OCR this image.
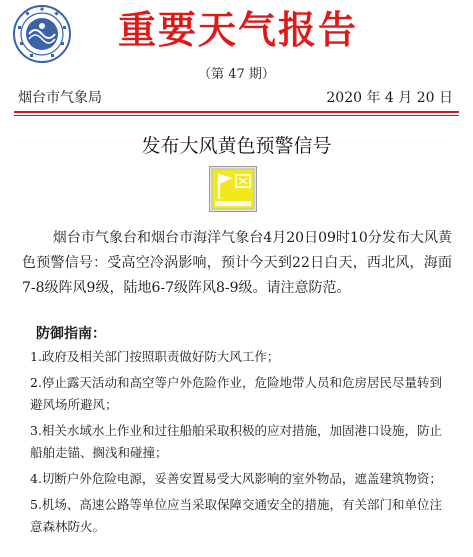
重要天气报告
（第 47 期）
烟台市气象局	2020 年 4 月 20 日
发布大风黄色预警信号

烟台市气象台和烟台市海洋气象台4月20日09时10分发布大风黄色预警信号：受高空冷涡影响，预计今天到22日白天，西北风，海面7-8级阵风9级，陆地6-7级阵风8-9级。请注意防范。

防御指南：
1.政府及相关部门按照职责做好防大风工作；
2.停止露天活动和高空等户外危险作业，危险地带人员和危房居民尽量转到避风场所避风；
3.相关水域水上作业和过往船舶采取积极的应对措施，加固港口设施，防止船舶走锚、搁浅和碰撞；
4.切断户外危险电源，妥善安置易受大风影响的室外物品，遮盖建筑物资；
5.机场、高速公路等单位应当采取保障交通安全的措施，有关部门和单位注意森林防火。
